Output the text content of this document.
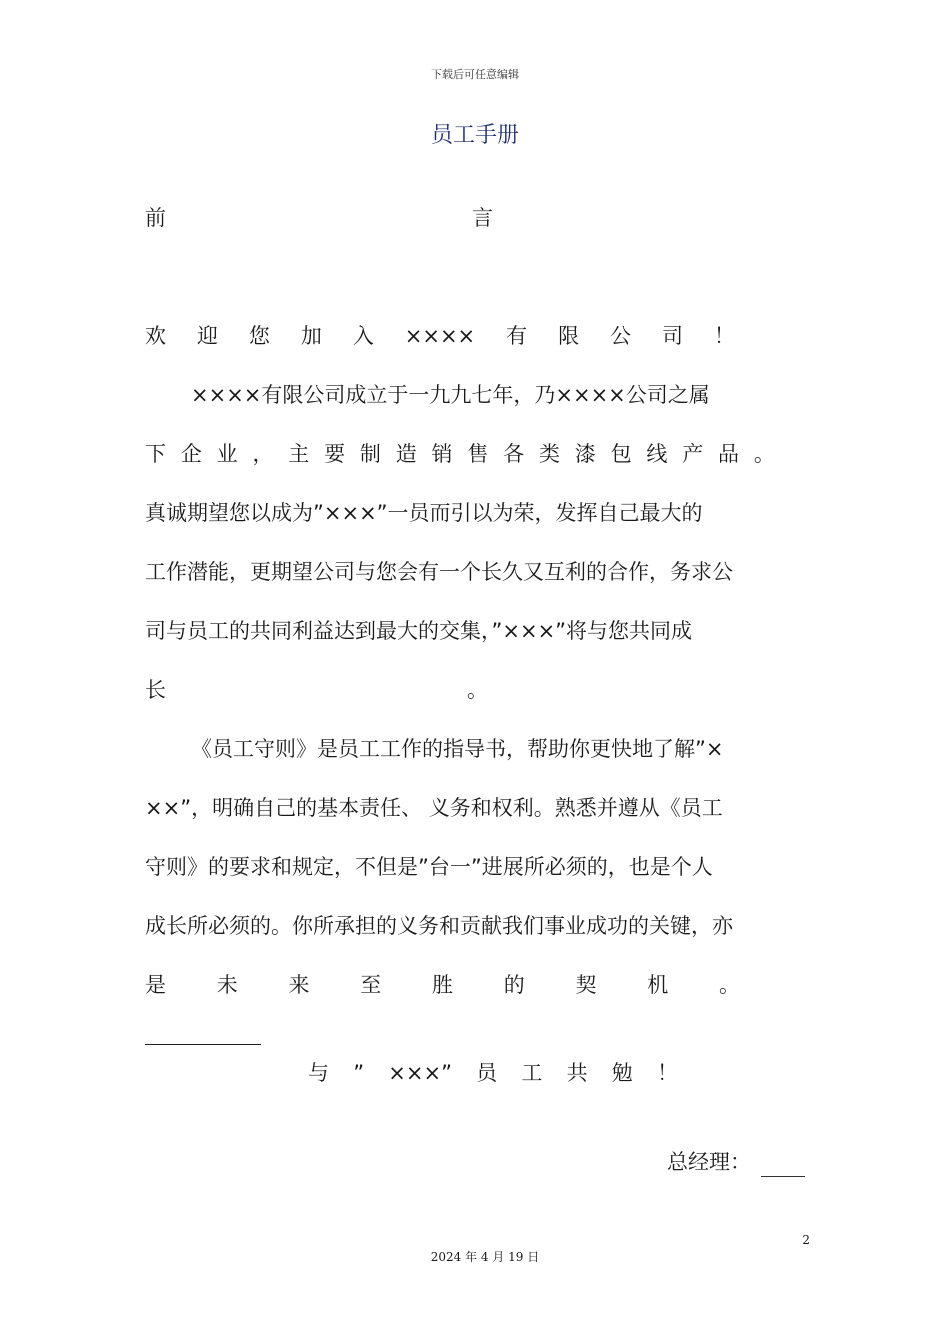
下载后可任意编辑
员工手册
前	言
欢 迎 您 加 入 ×××× 有 限 公 司 ！
××××有限公司成立于一九九七年，乃××××公司之属
下 企 业 ， 主 要 制 造 销 售 各 类 漆 包 线 产 品 。
真诚期望您以成为”×××”一员而引以为荣，发挥自己最大的
工作潜能，更期望公司与您会有一个长久又互利的合作，务求公
司与员工的共同利益达到最大的交集，”×××”将与您共同成
长	。
《员工守则》是员工工作的指导书，帮助你更快地了解”×
××”，明确自己的基本责任、 义务和权利。熟悉并遵从《员工
守则》的要求和规定，不但是”台一”进展所必须的，也是个人
成长所必须的。你所承担的义务和贡献我们事业成功的关键，亦
是 未 来 至 胜 的 契 机 。
与 ” ×××” 员 工 共 勉 ！
总经理：
2
2024 年 4 月 19 日
